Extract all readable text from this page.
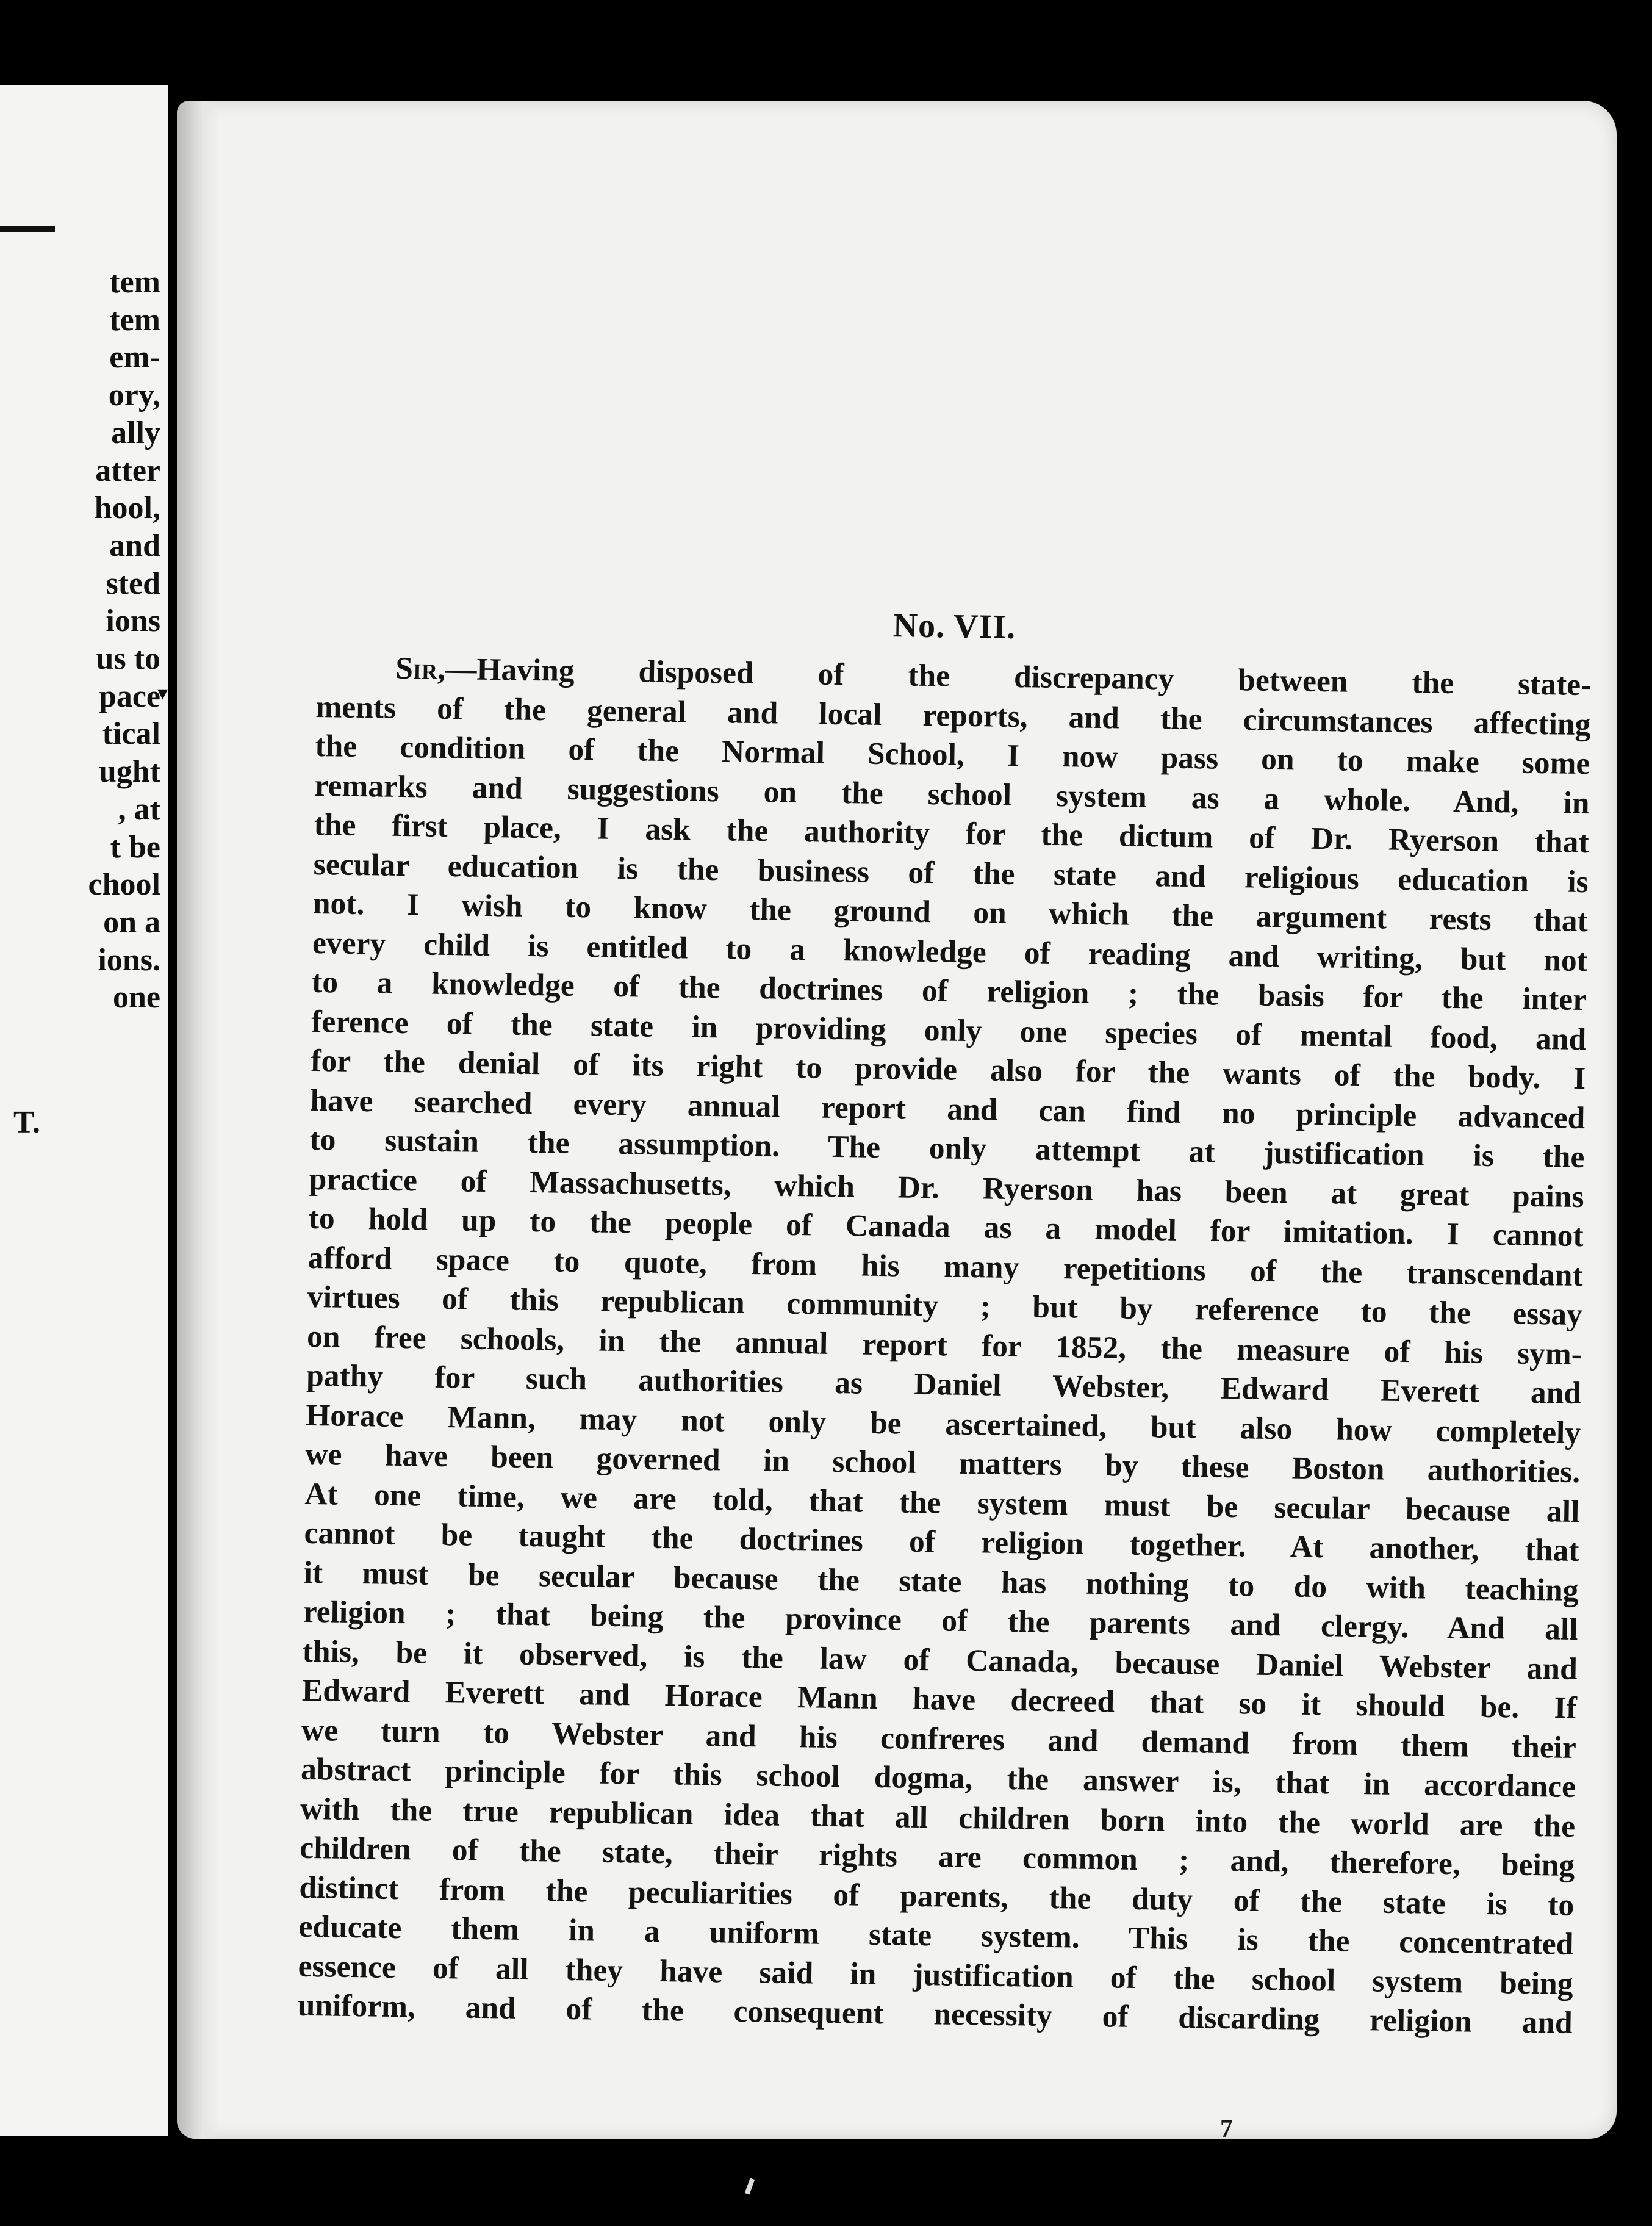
tem
tem
em-
ory,
ally
atter
hool,
and
sted
ions
us to
pace
tical
ught
, at
t be
chool
on a
ions.
one
T.
▾
No. VII.
Sir,—Having disposed of the discrepancy between the state-
ments of the general and local reports, and the circumstances affecting
the condition of the Normal School, I now pass on to make some
remarks and suggestions on the school system as a whole. And, in
the first place, I ask the authority for the dictum of Dr. Ryerson that
secular education is the business of the state and religious education is
not. I wish to know the ground on which the argument rests that
every child is entitled to a knowledge of reading and writing, but not
to a knowledge of the doctrines of religion ; the basis for the inter
ference of the state in providing only one species of mental food, and
for the denial of its right to provide also for the wants of the body. I
have searched every annual report and can find no principle advanced
to sustain the assumption. The only attempt at justification is the
practice of Massachusetts, which Dr. Ryerson has been at great pains
to hold up to the people of Canada as a model for imitation. I cannot
afford space to quote, from his many repetitions of the transcendant
virtues of this republican community ; but by reference to the essay
on free schools, in the annual report for 1852, the measure of his sym-
pathy for such authorities as Daniel Webster, Edward Everett and
Horace Mann, may not only be ascertained, but also how completely
we have been governed in school matters by these Boston authorities.
At one time, we are told, that the system must be secular because all
cannot be taught the doctrines of religion together. At another, that
it must be secular because the state has nothing to do with teaching
religion ; that being the province of the parents and clergy. And all
this, be it observed, is the law of Canada, because Daniel Webster and
Edward Everett and Horace Mann have decreed that so it should be. If
we turn to Webster and his confreres and demand from them their
abstract principle for this school dogma, the answer is, that in accordance
with the true republican idea that all children born into the world are the
children of the state, their rights are common ; and, therefore, being
distinct from the peculiarities of parents, the duty of the state is to
educate them in a uniform state system. This is the concentrated
essence of all they have said in justification of the school system being
uniform, and of the consequent necessity of discarding religion and
7
